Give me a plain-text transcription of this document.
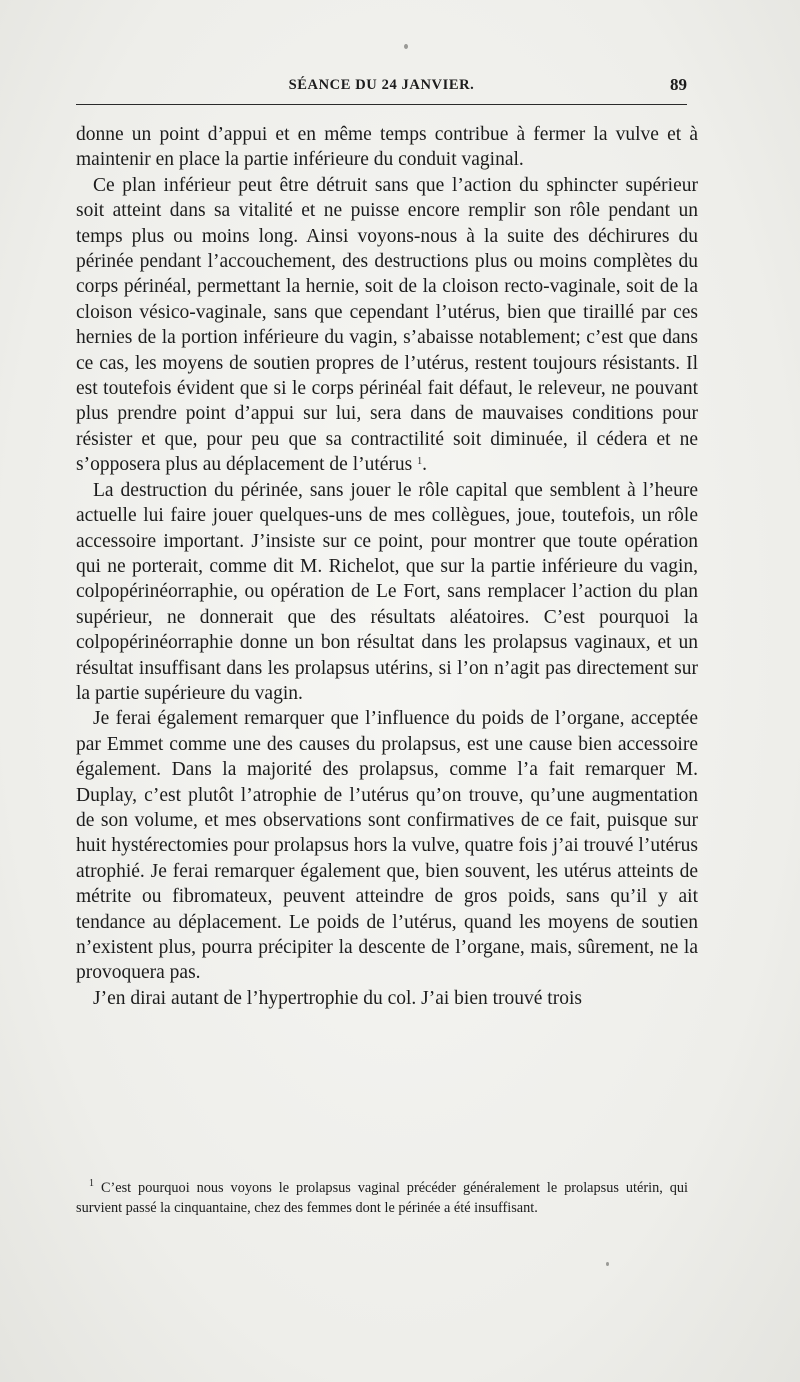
SÉANCE DU 24 JANVIER.	89

donne un point d’appui et en même temps contribue à fermer la vulve et à maintenir en place la partie inférieure du conduit vaginal.

Ce plan inférieur peut être détruit sans que l’action du sphincter supérieur soit atteint dans sa vitalité et ne puisse encore remplir son rôle pendant un temps plus ou moins long. Ainsi voyons-nous à la suite des déchirures du périnée pendant l’accouchement, des destructions plus ou moins complètes du corps périnéal, permettant la hernie, soit de la cloison recto-vaginale, soit de la cloison vésico-vaginale, sans que cependant l’utérus, bien que tiraillé par ces hernies de la portion inférieure du vagin, s’abaisse notablement; c’est que dans ce cas, les moyens de soutien propres de l’utérus, restent toujours résistants. Il est toutefois évident que si le corps périnéal fait défaut, le releveur, ne pouvant plus prendre point d’appui sur lui, sera dans de mauvaises conditions pour résister et que, pour peu que sa contractilité soit diminuée, il cédera et ne s’opposera plus au déplacement de l’utérus $^1$.

La destruction du périnée, sans jouer le rôle capital que semblent à l’heure actuelle lui faire jouer quelques-uns de mes collègues, joue, toutefois, un rôle accessoire important. J’insiste sur ce point, pour montrer que toute opération qui ne porterait, comme dit M. Richelot, que sur la partie inférieure du vagin, colpopérinéorraphie, ou opération de Le Fort, sans remplacer l’action du plan supérieur, ne donnerait que des résultats aléatoires. C’est pourquoi la colpopérinéorraphie donne un bon résultat dans les prolapsus vaginaux, et un résultat insuffisant dans les prolapsus utérins, si l’on n’agit pas directement sur la partie supérieure du vagin.

Je ferai également remarquer que l’influence du poids de l’organe, acceptée par Emmet comme une des causes du prolapsus, est une cause bien accessoire également. Dans la majorité des prolapsus, comme l’a fait remarquer M. Duplay, c’est plutôt l’atrophie de l’utérus qu’on trouve, qu’une augmentation de son volume, et mes observations sont confirmatives de ce fait, puisque sur huit hystérectomies pour prolapsus hors la vulve, quatre fois j’ai trouvé l’utérus atrophié. Je ferai remarquer également que, bien souvent, les utérus atteints de métrite ou fibromateux, peuvent atteindre de gros poids, sans qu’il y ait tendance au déplacement. Le poids de l’utérus, quand les moyens de soutien n’existent plus, pourra précipiter la descente de l’organe, mais, sûrement, ne la provoquera pas.

J’en dirai autant de l’hypertrophie du col. J’ai bien trouvé trois

$^1$ C’est pourquoi nous voyons le prolapsus vaginal précéder généralement le prolapsus utérin, qui survient passé la cinquantaine, chez des femmes dont le périnée a été insuffisant.
